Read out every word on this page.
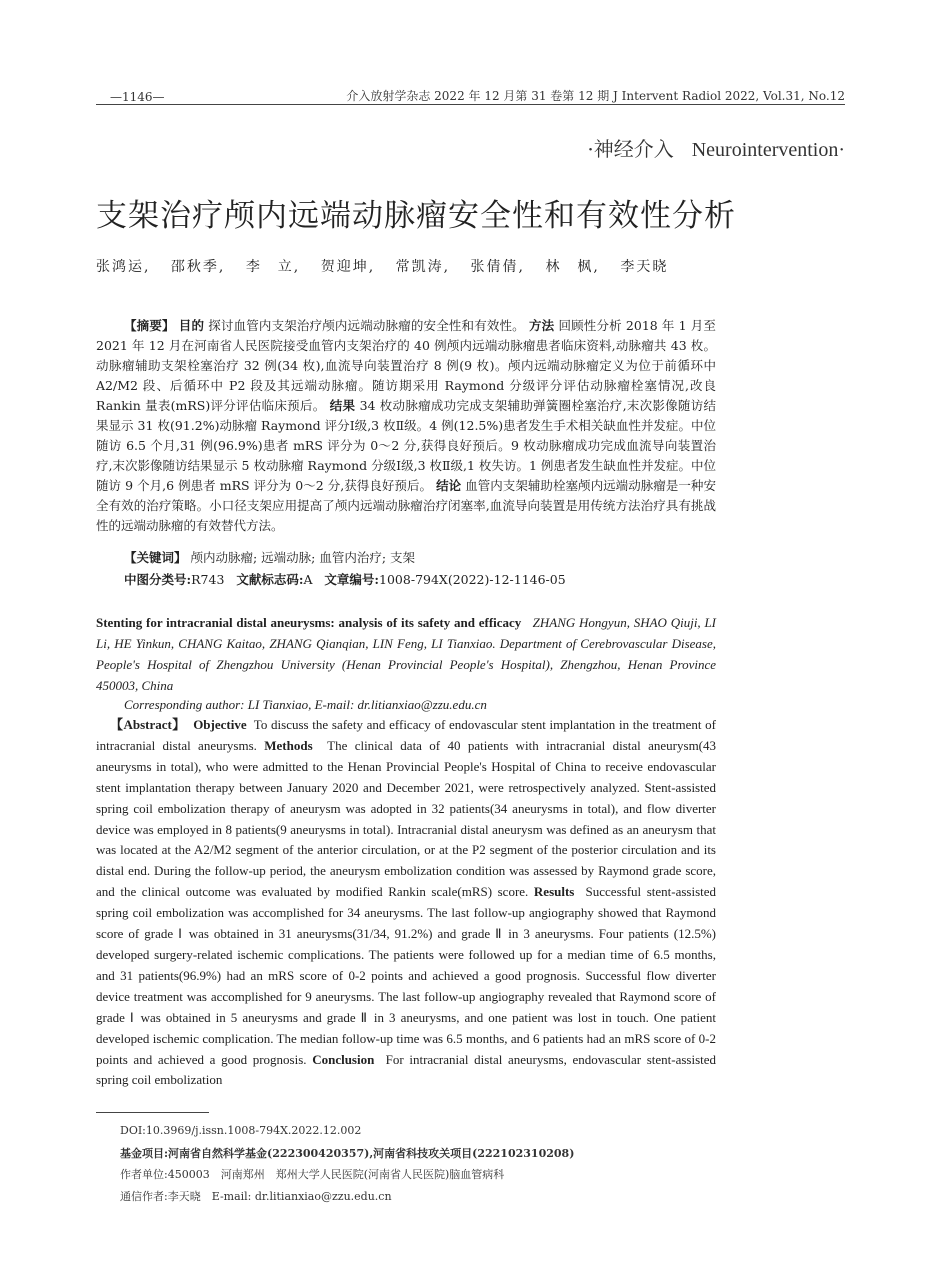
—1146—	介入放射学杂志 2022 年 12 月第 31 卷第 12 期 J Intervent Radiol 2022, Vol.31, No.12
·神经介入 Neurointervention·
支架治疗颅内远端动脉瘤安全性和有效性分析
张鸿运, 邵秋季, 李　立, 贺迎坤, 常凯涛, 张倩倩, 林　枫, 李天晓

【摘要】 目的 探讨血管内支架治疗颅内远端动脉瘤的安全性和有效性。 方法 回顾性分析 2018 年 1 月至 2021 年 12 月在河南省人民医院接受血管内支架治疗的 40 例颅内远端动脉瘤患者临床资料,动脉瘤共 43 枚。动脉瘤辅助支架栓塞治疗 32 例(34 枚),血流导向装置治疗 8 例(9 枚)。颅内远端动脉瘤定义为位于前循环中 A2/M2 段、后循环中 P2 段及其远端动脉瘤。随访期采用 Raymond 分级评分评估动脉瘤栓塞情况,改良 Rankin 量表(mRS)评分评估临床预后。 结果 34 枚动脉瘤成功完成支架辅助弹簧圈栓塞治疗,末次影像随访结果显示 31 枚(91.2%)动脉瘤 Raymond 评分Ⅰ级,3 枚Ⅱ级。4 例(12.5%)患者发生手术相关缺血性并发症。中位随访 6.5 个月,31 例(96.9%)患者 mRS 评分为 0～2 分,获得良好预后。9 枚动脉瘤成功完成血流导向装置治疗,末次影像随访结果显示 5 枚动脉瘤 Raymond 分级Ⅰ级,3 枚Ⅱ级,1 枚失访。1 例患者发生缺血性并发症。中位随访 9 个月,6 例患者 mRS 评分为 0～2 分,获得良好预后。 结论 血管内支架辅助栓塞颅内远端动脉瘤是一种安全有效的治疗策略。小口径支架应用提高了颅内远端动脉瘤治疗闭塞率,血流导向装置是用传统方法治疗具有挑战性的远端动脉瘤的有效替代方法。

【关键词】 颅内动脉瘤; 远端动脉; 血管内治疗; 支架
中图分类号:R743 文献标志码:A 文章编号:1008-794X(2022)-12-1146-05
Stenting for intracranial distal aneurysms: analysis of its safety and efficacy ZHANG Hongyun, SHAO Qiuji, LI Li, HE Yinkun, CHANG Kaitao, ZHANG Qianqian, LIN Feng, LI Tianxiao. Department of Cerebrovascular Disease, People's Hospital of Zhengzhou University (Henan Provincial People's Hospital), Zhengzhou, Henan Province 450003, China
Corresponding author: LI Tianxiao, E-mail: dr.litianxiao@zzu.edu.cn

【Abstract】 Objective To discuss the safety and efficacy of endovascular stent implantation in the treatment of intracranial distal aneurysms. Methods The clinical data of 40 patients with intracranial distal aneurysm(43 aneurysms in total), who were admitted to the Henan Provincial People's Hospital of China to receive endovascular stent implantation therapy between January 2020 and December 2021, were retrospectively analyzed. Stent-assisted spring coil embolization therapy of aneurysm was adopted in 32 patients(34 aneurysms in total), and flow diverter device was employed in 8 patients(9 aneurysms in total). Intracranial distal aneurysm was defined as an aneurysm that was located at the A2/M2 segment of the anterior circulation, or at the P2 segment of the posterior circulation and its distal end. During the follow-up period, the aneurysm embolization condition was assessed by Raymond grade score, and the clinical outcome was evaluated by modified Rankin scale(mRS) score. Results Successful stent-assisted spring coil embolization was accomplished for 34 aneurysms. The last follow-up angiography showed that Raymond score of grade Ⅰ was obtained in 31 aneurysms(31/34, 91.2%) and grade Ⅱ in 3 aneurysms. Four patients (12.5%) developed surgery-related ischemic complications. The patients were followed up for a median time of 6.5 months, and 31 patients(96.9%) had an mRS score of 0-2 points and achieved a good prognosis. Successful flow diverter device treatment was accomplished for 9 aneurysms. The last follow-up angiography revealed that Raymond score of grade Ⅰ was obtained in 5 aneurysms and grade Ⅱ in 3 aneurysms, and one patient was lost in touch. One patient developed ischemic complication. The median follow-up time was 6.5 months, and 6 patients had an mRS score of 0-2 points and achieved a good prognosis. Conclusion For intracranial distal aneurysms, endovascular stent-assisted spring coil embolization

DOI:10.3969/j.issn.1008-794X.2022.12.002
基金项目:河南省自然科学基金(222300420357),河南省科技攻关项目(222102310208)
作者单位:450003　河南郑州　郑州大学人民医院(河南省人民医院)脑血管病科
通信作者:李天晓　E-mail: dr.litianxiao@zzu.edu.cn
